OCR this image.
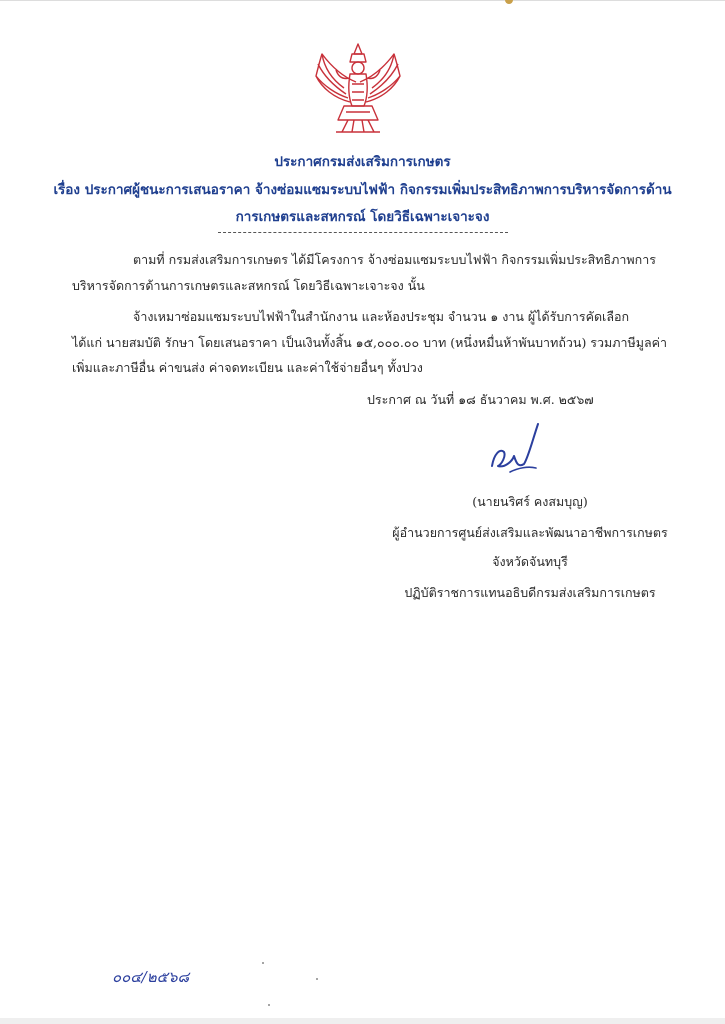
ประกาศกรมส่งเสริมการเกษตร
เรื่อง ประกาศผู้ชนะการเสนอราคา จ้างซ่อมแซมระบบไฟฟ้า กิจกรรมเพิ่มประสิทธิภาพการบริหารจัดการด้าน
การเกษตรและสหกรณ์ โดยวิธีเฉพาะเจาะจง
ตามที่ กรมส่งเสริมการเกษตร ได้มีโครงการ จ้างซ่อมแซมระบบไฟฟ้า กิจกรรมเพิ่มประสิทธิภาพการ
บริหารจัดการด้านการเกษตรและสหกรณ์ โดยวิธีเฉพาะเจาะจง นั้น
จ้างเหมาซ่อมแซมระบบไฟฟ้าในสำนักงาน และห้องประชุม จำนวน ๑ งาน ผู้ได้รับการคัดเลือก
ได้แก่ นายสมบัติ รักษา โดยเสนอราคา เป็นเงินทั้งสิ้น ๑๕,๐๐๐.๐๐ บาท (หนึ่งหมื่นห้าพันบาทถ้วน) รวมภาษีมูลค่า
เพิ่มและภาษีอื่น ค่าขนส่ง ค่าจดทะเบียน และค่าใช้จ่ายอื่นๆ ทั้งปวง
ประกาศ ณ วันที่ ๑๘ ธันวาคม พ.ศ. ๒๕๖๗
(นายนริศร์ คงสมบุญ)
ผู้อำนวยการศูนย์ส่งเสริมและพัฒนาอาชีพการเกษตร
จังหวัดจันทบุรี
ปฏิบัติราชการแทนอธิบดีกรมส่งเสริมการเกษตร
๐๐๔/๒๕๖๘
